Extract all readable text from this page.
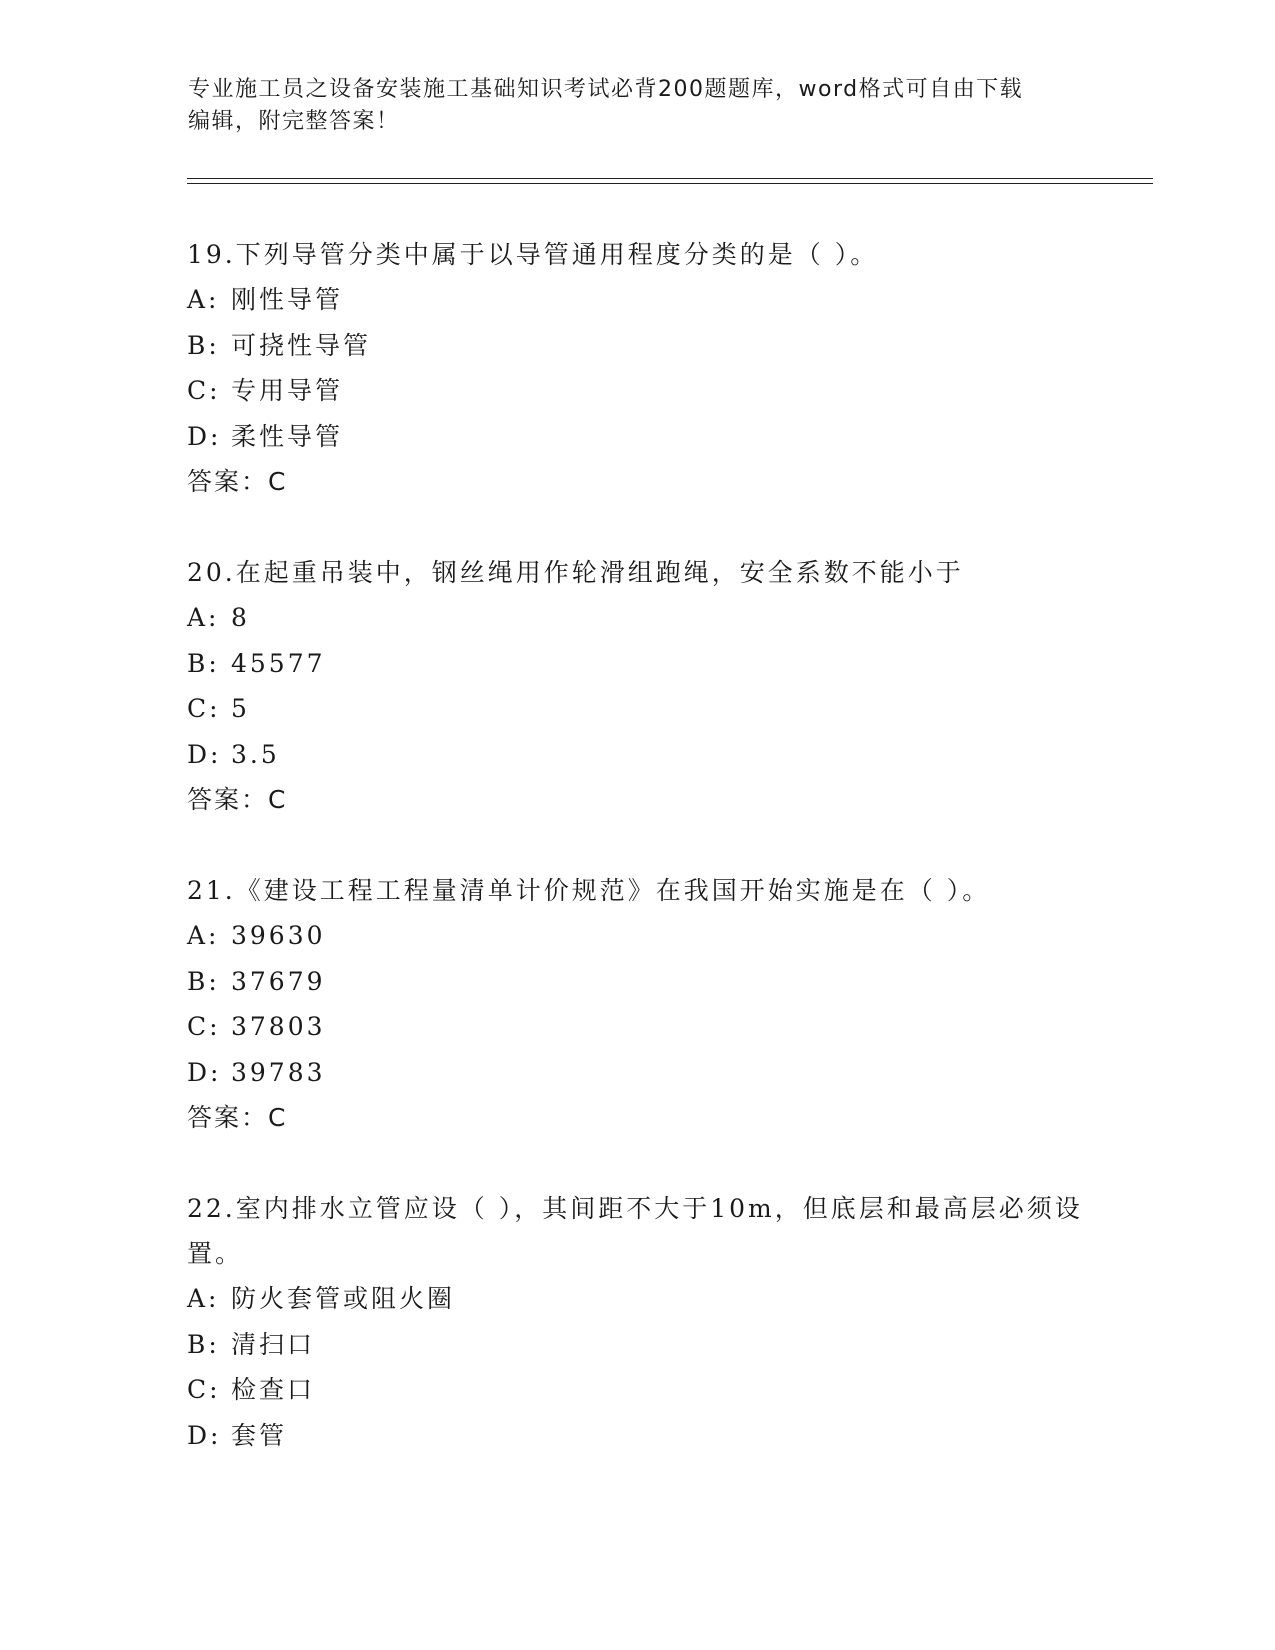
专业施工员之设备安装施工基础知识考试必背200题题库，word格式可自由下载
编辑，附完整答案！

19.下列导管分类中属于以导管通用程度分类的是（ ）。

A: 刚性导管
B: 可挠性导管
C: 专用导管
D: 柔性导管
答案：C

20.在起重吊装中，钢丝绳用作轮滑组跑绳，安全系数不能小于

A: 8
B: 45577
C: 5
D: 3.5
答案：C

21.《建设工程工程量清单计价规范》在我国开始实施是在（ ）。

A: 39630
B: 37679
C: 37803
D: 39783
答案：C

22.室内排水立管应设（ ），其间距不大于10m，但底层和最高层必须设置。

A: 防火套管或阻火圈
B: 清扫口
C: 检查口
D: 套管
